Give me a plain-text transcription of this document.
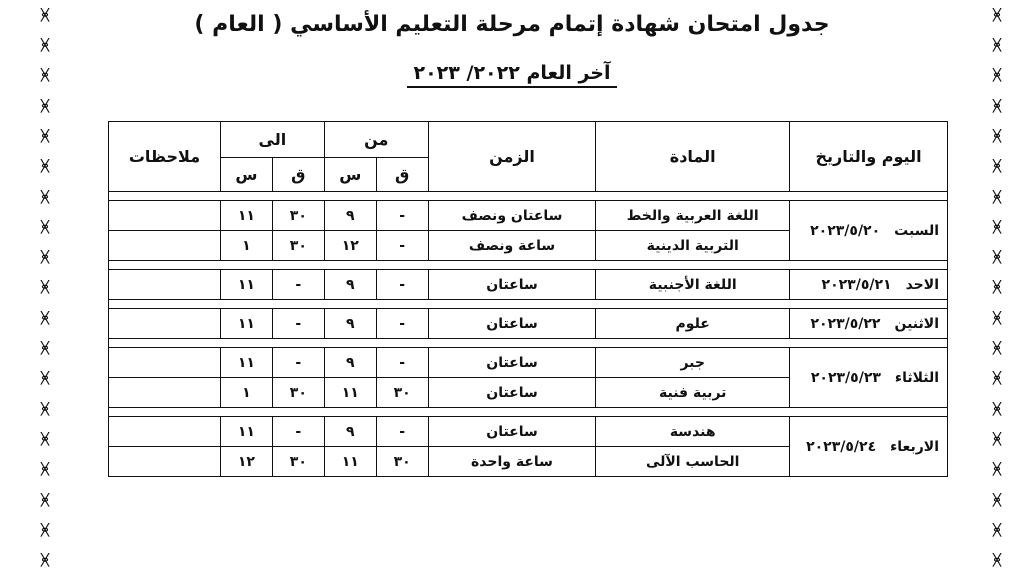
ᚸ
ᚸ
ᚸ
ᚸ
ᚸ
ᚸ
ᚸ
ᚸ
ᚸ
ᚸ
ᚸ
ᚸ
ᚸ
ᚸ
ᚸ
ᚸ
ᚸ
ᚸ
ᚸ
ᚸ
ᚸ
ᚸ
ᚸ
ᚸ
ᚸ
ᚸ
ᚸ
ᚸ
ᚸ
ᚸ
ᚸ
ᚸ
ᚸ
ᚸ
ᚸ
ᚸ
ᚸ
ᚸ
جدول امتحان شهادة إتمام مرحلة التعليم الأساسي ( العام )
آخر العام ٢٠٢٢/ ٢٠٢٣
اليوم والتاريخ	المادة	الزمن	من		الى		ملاحظات
			ق	س	ق	س	

السبت٢٠٢٣/٥/٢٠	اللغة العربية والخط	ساعتان ونصف	-	٩	٣٠	١١	
	التربية الدينية	ساعة ونصف	-	١٢	٣٠	١	

الاحد٢٠٢٣/٥/٢١	اللغة الأجنبية	ساعتان	-	٩	-	١١	

الاثنين٢٠٢٣/٥/٢٢	علوم	ساعتان	-	٩	-	١١	

الثلاثاء٢٠٢٣/٥/٢٣	جبر	ساعتان	-	٩	-	١١	
	تربية فنية	ساعتان	٣٠	١١	٣٠	١	

الاربعاء٢٠٢٣/٥/٢٤	هندسة	ساعتان	-	٩	-	١١	
	الحاسب الآلى	ساعة واحدة	٣٠	١١	٣٠	١٢	
